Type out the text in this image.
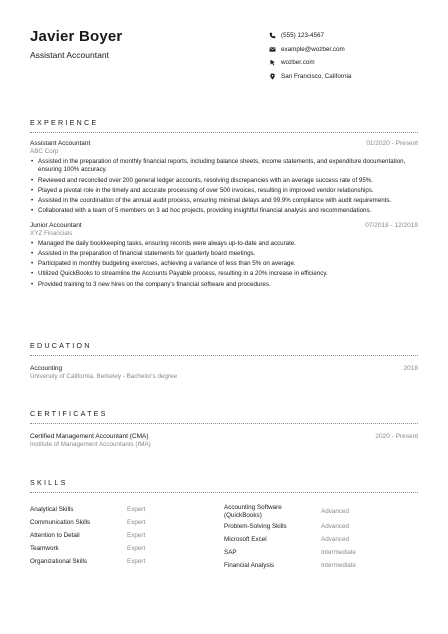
Javier Boyer
Assistant Accountant
(555) 123-4567
example@wozber.com
wozber.com
San Francisco, California
EXPERIENCE
Assistant Accountant	01/2020 - Present
ABC Corp
• Assisted in the preparation of monthly financial reports, including balance sheets, income statements, and expenditure documentation, ensuring 100% accuracy.
• Reviewed and reconciled over 200 general ledger accounts, resolving discrepancies with an average success rate of 95%.
• Played a pivotal role in the timely and accurate processing of over 500 invoices, resulting in improved vendor relationships.
• Assisted in the coordination of the annual audit process, ensuring minimal delays and 99.9% compliance with audit requirements.
• Collaborated with a team of 5 members on 3 ad hoc projects, providing insightful financial analysis and recommendations.
Junior Accountant	07/2018 - 12/2019
XYZ Financials
• Managed the daily bookkeeping tasks, ensuring records were always up-to-date and accurate.
• Assisted in the preparation of financial statements for quarterly board meetings.
• Participated in monthly budgeting exercises, achieving a variance of less than 5% on average.
• Utilized QuickBooks to streamline the Accounts Payable process, resulting in a 20% increase in efficiency.
• Provided training to 3 new hires on the company's financial software and procedures.
EDUCATION
Accounting	2018
University of California, Berkeley - Bachelor's degree
CERTIFICATES
Certified Management Accountant (CMA)	2020 - Present
Institute of Management Accountants (IMA)
SKILLS
Analytical Skills	Expert
Communication Skills	Expert
Attention to Detail	Expert
Teamwork	Expert
Organizational Skills	Expert
Accounting Software (QuickBooks)	Advanced
Problem-Solving Skills	Advanced
Microsoft Excel	Advanced
SAP	Intermediate
Financial Analysis	Intermediate
